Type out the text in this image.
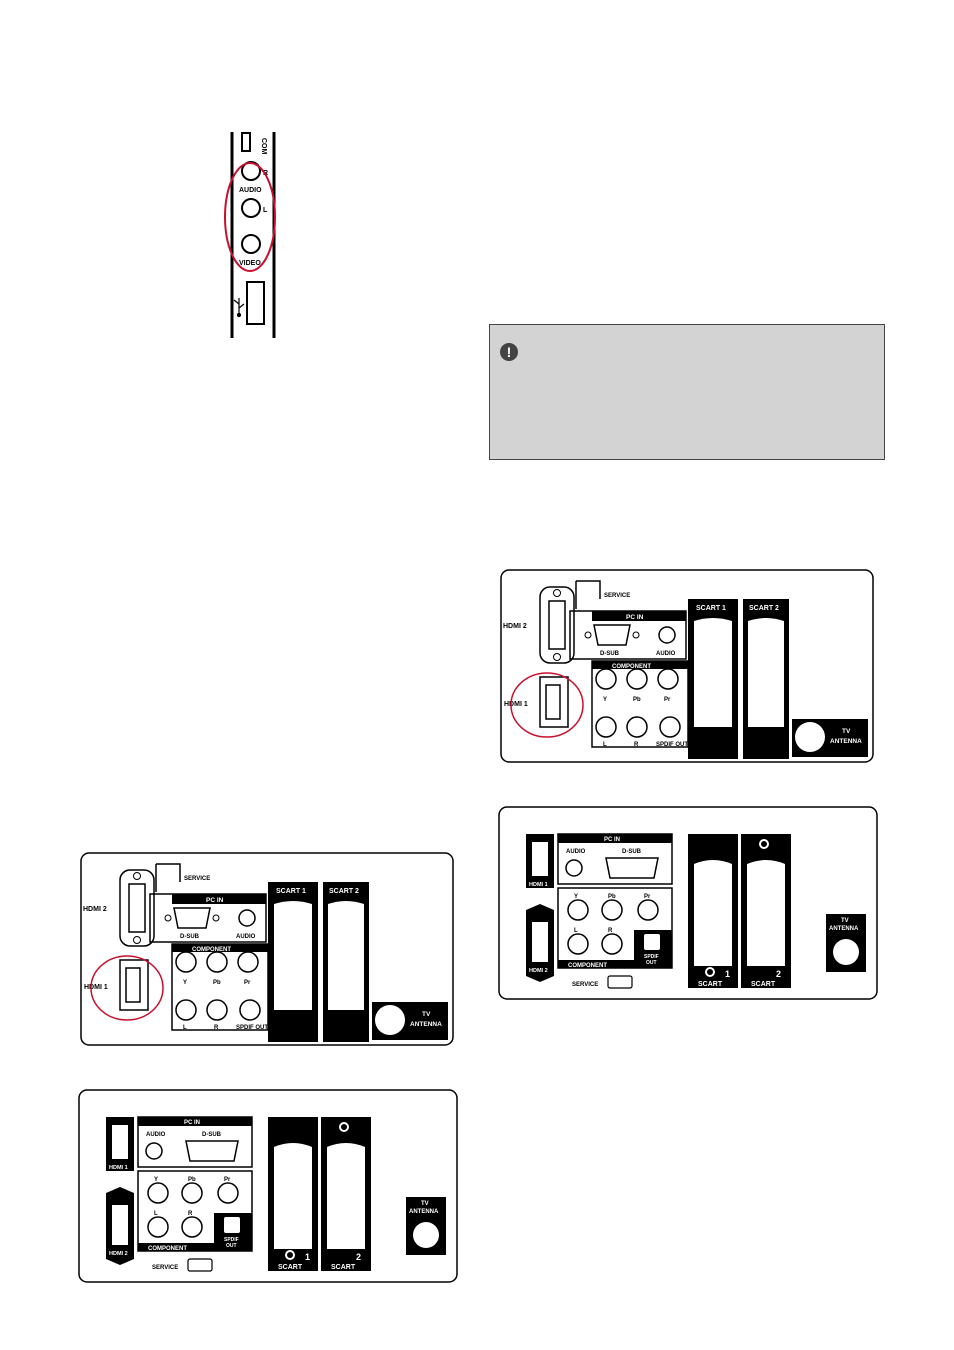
COM
R
AUDIO
L
VIDEO
!
HDMI 2
SERVICE
PC IN
D-SUB	AUDIO
COMPONENT
Y	Pb	Pr
L	R	SPDIF OUT
HDMI 1
SCART 1	SCART 2
TV
ANTENNA
HDMI 2
SERVICE
PC IN
D-SUB	AUDIO
COMPONENT
Y	Pb	Pr
L	R	SPDIF OUT
HDMI 1
SCART 1	SCART 2
TV
ANTENNA
HDMI 1
HDMI 2
PC IN
AUDIO	D-SUB
Y	Pb	Pr
L	R
COMPONENT
SPDIF
OUT
SERVICE
1
SCART
2
SCART
TV
ANTENNA
HDMI 1
HDMI 2
PC IN
AUDIO	D-SUB
Y	Pb	Pr
L	R
COMPONENT
SPDIF
OUT
SERVICE
1
SCART
2
SCART
TV
ANTENNA
